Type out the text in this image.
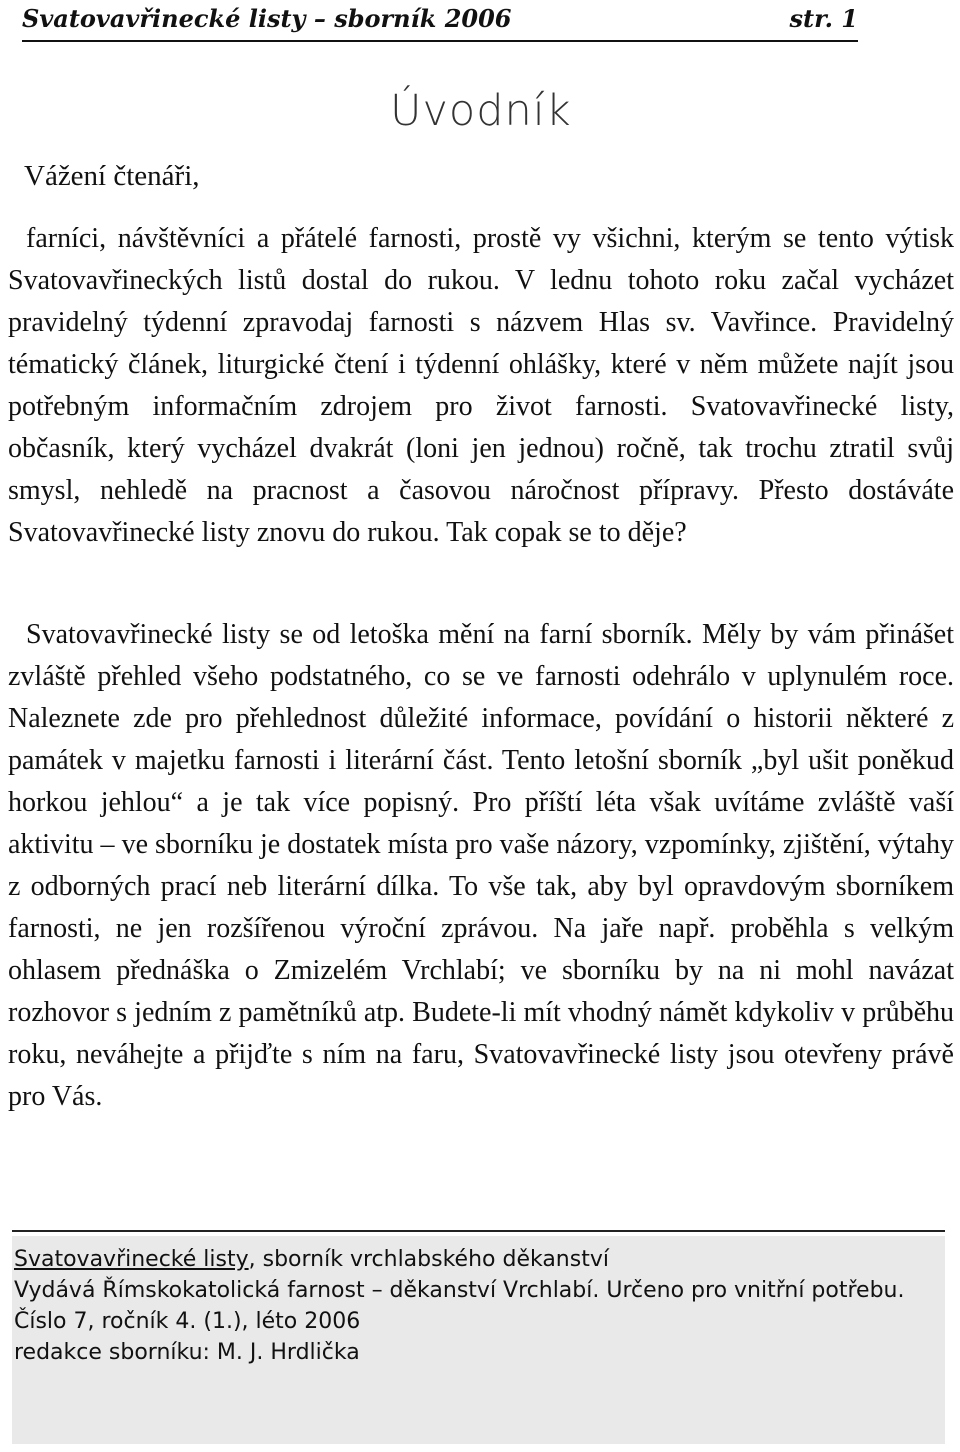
Svatovavřinecké listy – sborník 2006	str. 1
Úvodník
Vážení čtenáři,

farníci, návštěvníci a přátelé farnosti, prostě vy všichni, kterým se tento výtisk Svatovavřineckých listů dostal do rukou. V lednu tohoto roku začal vycházet pravidelný týdenní zpravodaj farnosti s názvem Hlas sv. Vavřince. Pravidelný tématický článek, liturgické čtení i týdenní ohlášky, které v něm můžete najít jsou potřebným informačním zdrojem pro život farnosti. Svatovavřinecké listy, občasník, který vycházel dvakrát (loni jen jednou) ročně, tak trochu ztratil svůj smysl, nehledě na pracnost a časovou náročnost přípravy. Přesto dostáváte Svatovavřinecké listy znovu do rukou. Tak copak se to děje?

Svatovavřinecké listy se od letoška mění na farní sborník. Měly by vám přinášet zvláště přehled všeho podstatného, co se ve farnosti odehrálo v uplynulém roce. Naleznete zde pro přehlednost důležité informace, povídání o historii některé z památek v majetku farnosti i literární část. Tento letošní sborník „byl ušit poněkud horkou jehlou“ a je tak více popisný. Pro příští léta však uvítáme zvláště vaší aktivitu – ve sborníku je dostatek místa pro vaše názory, vzpomínky, zjištění, výtahy z odborných prací neb literární dílka. To vše tak, aby byl opravdovým sborníkem farnosti, ne jen rozšířenou výroční zprávou. Na jaře např. proběhla s velkým ohlasem přednáška o Zmizelém Vrchlabí; ve sborníku by na ni mohl navázat rozhovor s jedním z pamětníků atp. Budete-li mít vhodný námět kdykoliv v průběhu roku, neváhejte a přijďte s ním na faru, Svatovavřinecké listy jsou otevřeny právě pro Vás.

Svatovavřinecké listy, sborník vrchlabského děkanství
Vydává Římskokatolická farnost – děkanství Vrchlabí. Určeno pro vnitřní potřebu.
Číslo 7, ročník 4. (1.), léto 2006
redakce sborníku: M. J. Hrdlička
